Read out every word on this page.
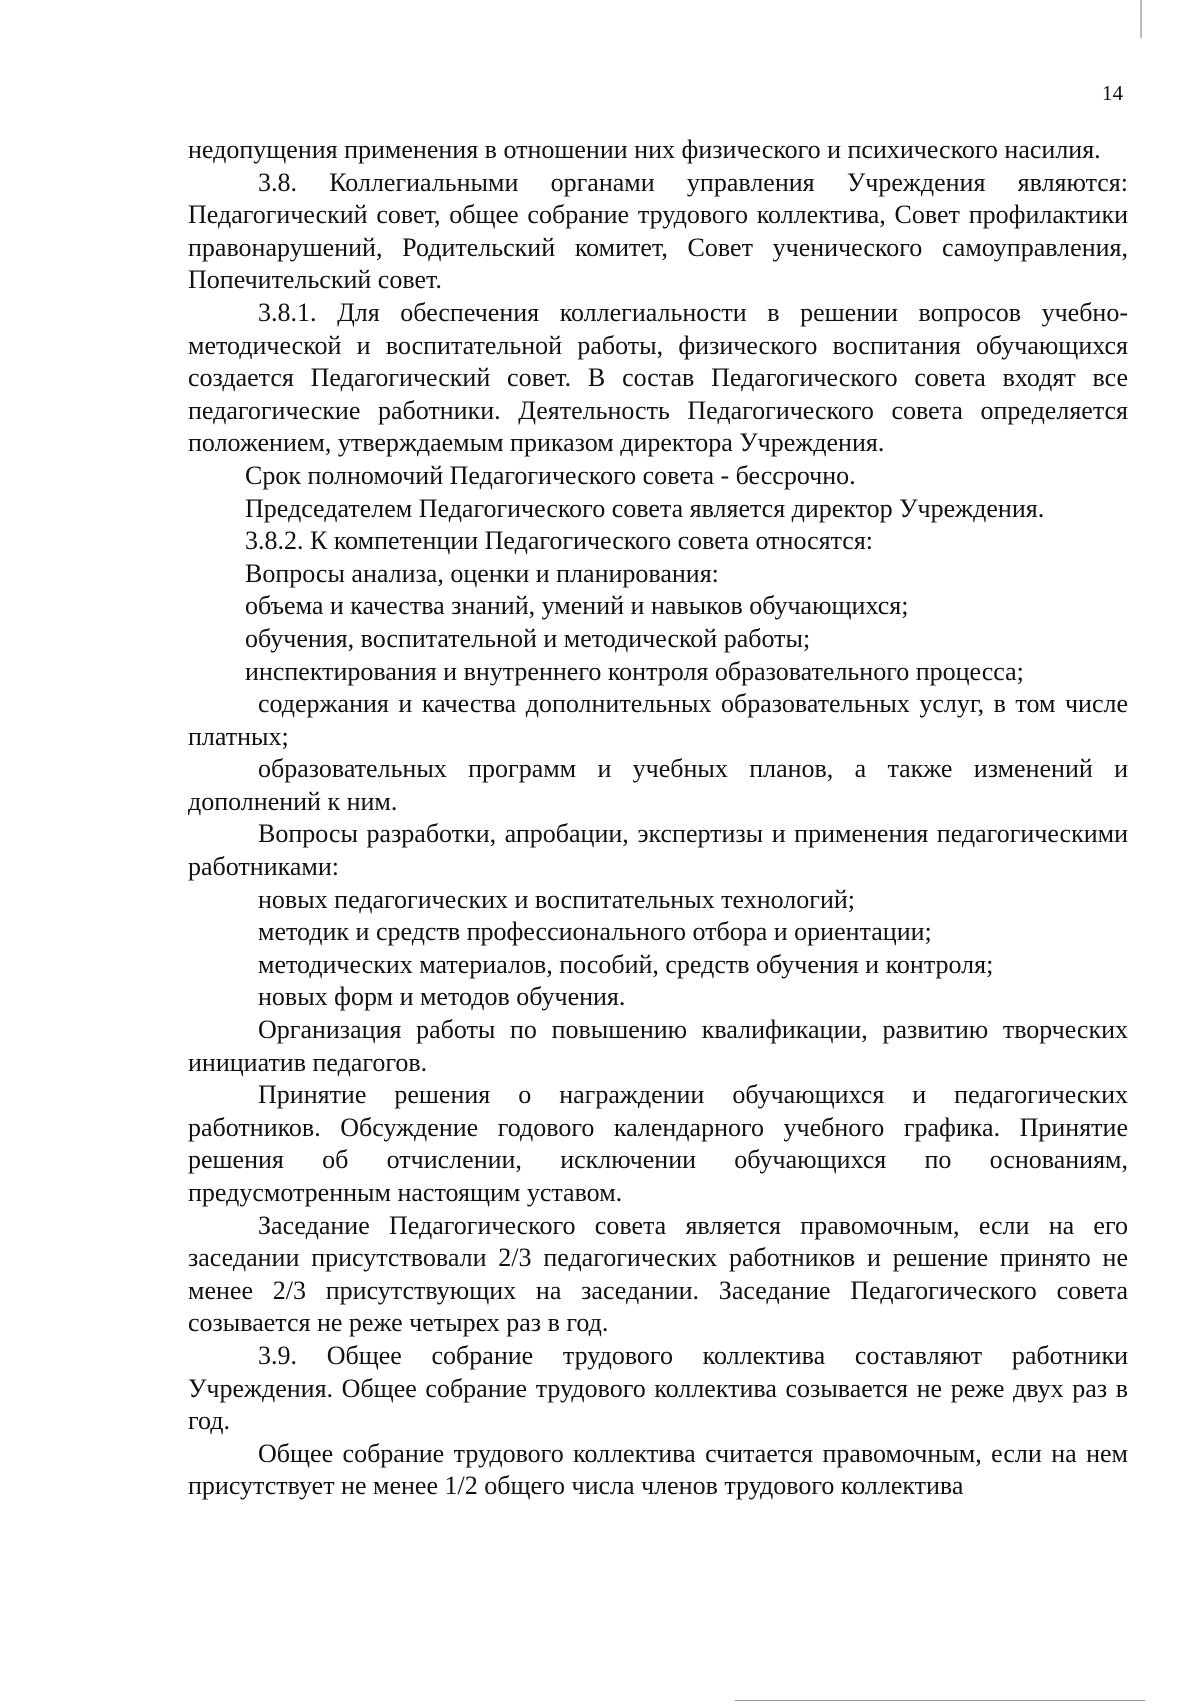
14

недопущения применения в отношении них физического и психического насилия.

3.8. Коллегиальными органами управления Учреждения являются: Педагогический совет, общее собрание трудового коллектива, Совет профилактики правонарушений, Родительский комитет, Совет ученического самоуправления, Попечительский совет.

3.8.1. Для обеспечения коллегиальности в решении вопросов учебно-методической и воспитательной работы, физического воспитания обучающихся создается Педагогический совет. В состав Педагогического совета входят все педагогические работники. Деятельность Педагогического совета определяется положением, утверждаемым приказом директора Учреждения.

Срок полномочий Педагогического совета - бессрочно.

Председателем Педагогического совета является директор Учреждения.

3.8.2. К компетенции Педагогического совета относятся:

Вопросы анализа, оценки и планирования:

объема и качества знаний, умений и навыков обучающихся;

обучения, воспитательной и методической работы;

инспектирования и внутреннего контроля образовательного процесса;

содержания и качества дополнительных образовательных услуг, в том числе платных;

образовательных программ и учебных планов, а также изменений и дополнений к ним.

Вопросы разработки, апробации, экспертизы и применения педагогическими работниками:

новых педагогических и воспитательных технологий;

методик и средств профессионального отбора и ориентации;

методических материалов, пособий, средств обучения и контроля;

новых форм и методов обучения.

Организация работы по повышению квалификации, развитию творческих инициатив педагогов.

Принятие решения о награждении обучающихся и педагогических работников. Обсуждение годового календарного учебного графика. Принятие решения об отчислении, исключении обучающихся по основаниям, предусмотренным настоящим уставом.

Заседание Педагогического совета является правомочным, если на его заседании присутствовали 2/3 педагогических работников и решение принято не менее 2/3 присутствующих на заседании. Заседание Педагогического совета созывается не реже четырех раз в год.

3.9. Общее собрание трудового коллектива составляют работники Учреждения. Общее собрание трудового коллектива созывается не реже двух раз в год.

Общее собрание трудового коллектива считается правомочным, если на нем присутствует не менее 1/2 общего числа членов трудового коллектива
